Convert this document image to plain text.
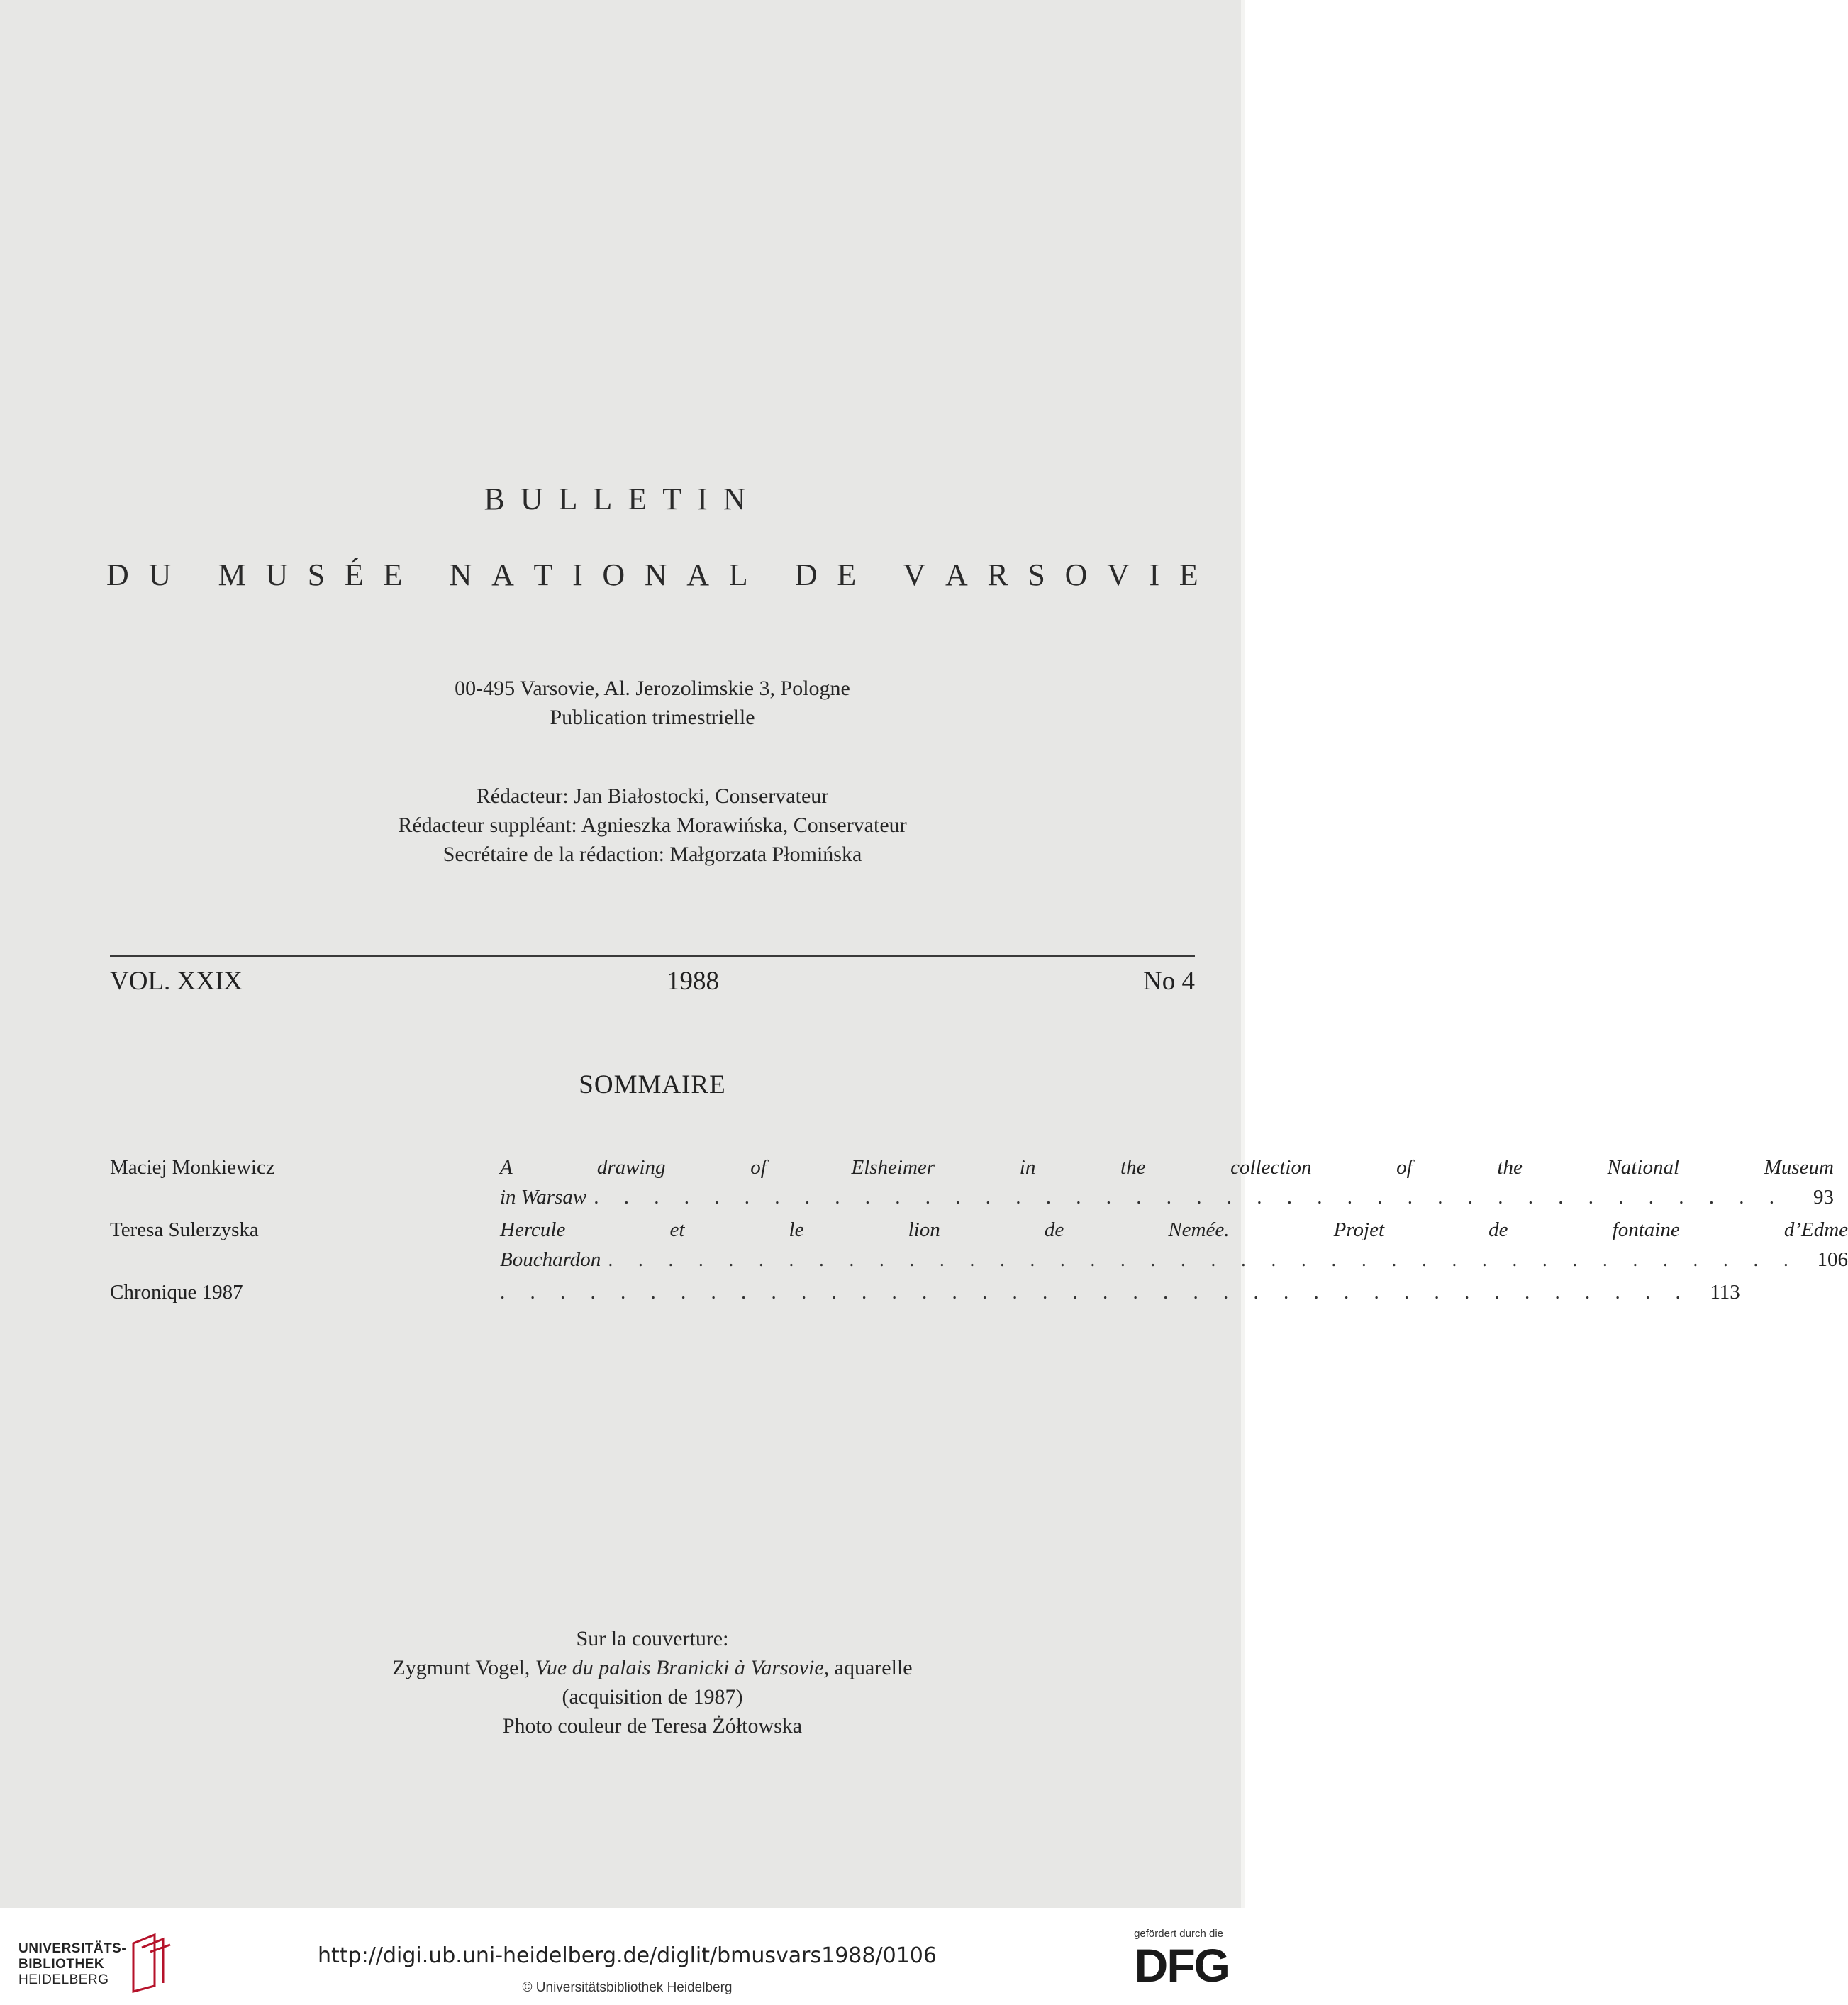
BULLETIN
D U
M U S É E
N A T I O N A L
D E
V A R S O V I E
00-495 Varsovie, Al. Jerozolimskie 3, Pologne
Publication trimestrielle
Rédacteur: Jan Białostocki, Conservateur
Rédacteur suppléant: Agnieszka Morawińska, Conservateur
Secrétaire de la rédaction: Małgorzata Płomińska
VOL. XXIX	1988	No 4
SOMMAIRE
Maciej Monkiewicz	A drawing of Elsheimer in the collection of the National Museum
in Warsaw . . . . . . . . . . . . . . . . . . . . . . . . . . . . . . . . . . . . . . . .	93
Teresa Sulerzyska	Hercule et le lion de Nemée. Projet de fontaine d’Edme
Bouchardon . . . . . . . . . . . . . . . . . . . . . . . . . . . . . . . . . . . . . . . . 106
Chronique 1987	. . . . . . . . . . . . . . . . . . . . . . . . . . . . . . . . . . . . . . . . 113
Sur la couverture:
Zygmunt Vogel, Vue du palais Branicki à Varsovie, aquarelle
(acquisition de 1987)
Photo couleur de Teresa Żółtowska
UNIVERSITÄTS-
BIBLIOTHEK
HEIDELBERG
http://digi.ub.uni-heidelberg.de/diglit/bmusvars1988/0106
© Universitätsbibliothek Heidelberg
gefördert durch die
DFG
